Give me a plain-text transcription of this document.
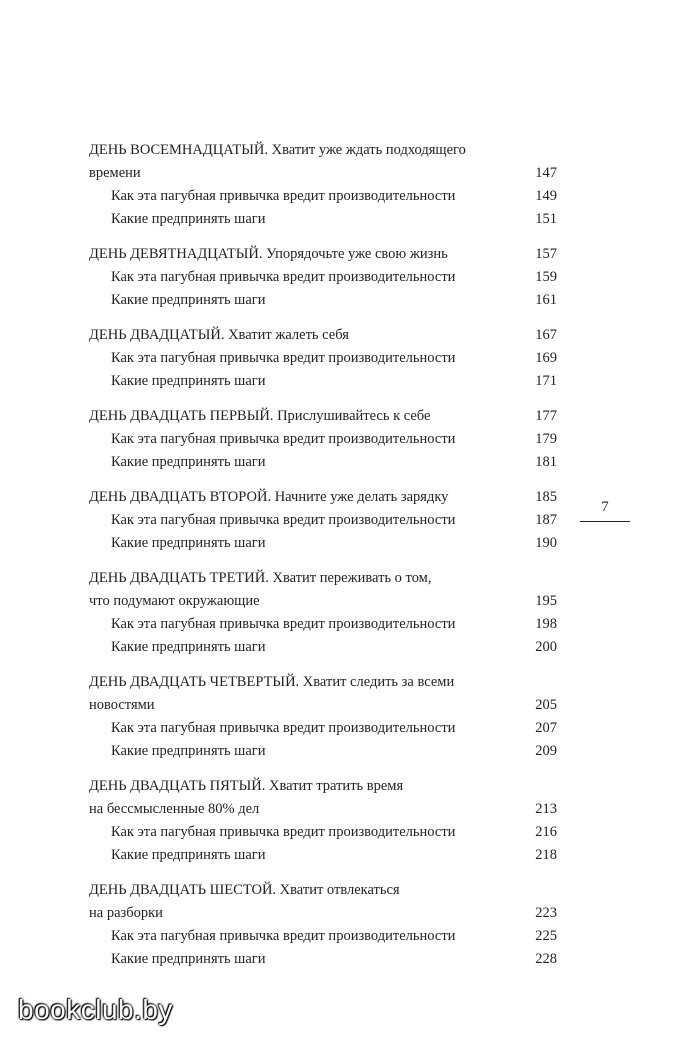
ДЕНЬ ВОСЕМНАДЦАТЫЙ. Хватит уже ждать подходящего
времени	147
Как эта пагубная привычка вредит производительности	149
Какие предпринять шаги	151
ДЕНЬ ДЕВЯТНАДЦАТЫЙ. Упорядочьте уже свою жизнь	157
Как эта пагубная привычка вредит производительности	159
Какие предпринять шаги	161
ДЕНЬ ДВАДЦАТЫЙ. Хватит жалеть себя	167
Как эта пагубная привычка вредит производительности	169
Какие предпринять шаги	171
ДЕНЬ ДВАДЦАТЬ ПЕРВЫЙ. Прислушивайтесь к себе	177
Как эта пагубная привычка вредит производительности	179
Какие предпринять шаги	181
ДЕНЬ ДВАДЦАТЬ ВТОРОЙ. Начните уже делать зарядку	185
Как эта пагубная привычка вредит производительности	187
Какие предпринять шаги	190
ДЕНЬ ДВАДЦАТЬ ТРЕТИЙ. Хватит переживать о том,
что подумают окружающие	195
Как эта пагубная привычка вредит производительности	198
Какие предпринять шаги	200
ДЕНЬ ДВАДЦАТЬ ЧЕТВЕРТЫЙ. Хватит следить за всеми
новостями	205
Как эта пагубная привычка вредит производительности	207
Какие предпринять шаги	209
ДЕНЬ ДВАДЦАТЬ ПЯТЫЙ. Хватит тратить время
на бессмысленные 80% дел	213
Как эта пагубная привычка вредит производительности	216
Какие предпринять шаги	218
ДЕНЬ ДВАДЦАТЬ ШЕСТОЙ. Хватит отвлекаться
на разборки	223
Как эта пагубная привычка вредит производительности	225
Какие предпринять шаги	228
7
bookclub.by
